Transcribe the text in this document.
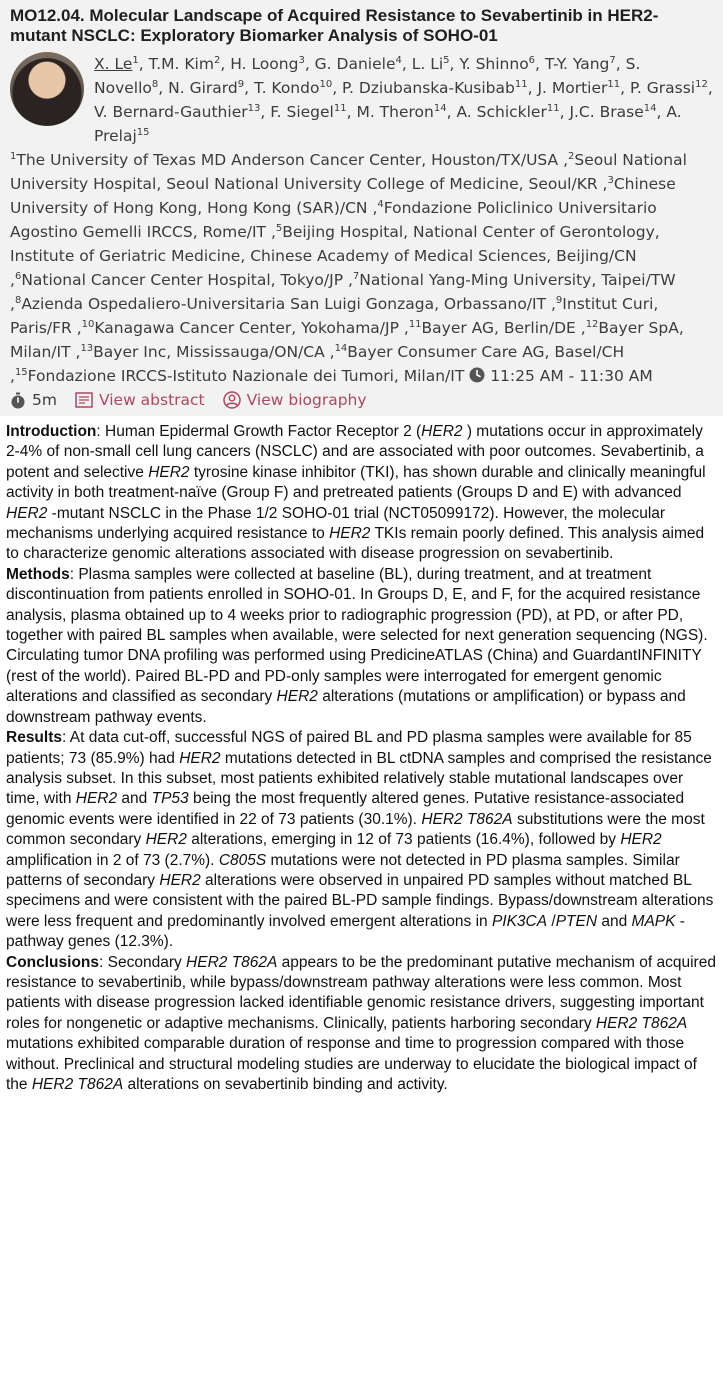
MO12.04. Molecular Landscape of Acquired Resistance to Sevabertinib in HER2-mutant NSCLC: Exploratory Biomarker Analysis of SOHO-01
X. Le$^1$, T.M. Kim$^2$, H. Loong$^3$, G. Daniele$^4$, L. Li$^5$, Y. Shinno$^6$, T-Y. Yang$^7$, S. Novello$^8$, N. Girard$^9$, T. Kondo$^{10}$, P. Dziubanska-Kusibab$^{11}$, J. Mortier$^{11}$, P. Grassi$^{12}$, V. Bernard-Gauthier$^{13}$, F. Siegel$^{11}$, M. Theron$^{14}$, A. Schickler$^{11}$, J.C. Brase$^{14}$, A. Prelaj$^{15}$
$^1$The University of Texas MD Anderson Cancer Center, Houston/TX/USA ,$^2$Seoul National University Hospital, Seoul National University College of Medicine, Seoul/KR ,$^3$Chinese University of Hong Kong, Hong Kong (SAR)/CN ,$^4$Fondazione Policlinico Universitario Agostino Gemelli IRCCS, Rome/IT ,$^5$Beijing Hospital, National Center of Gerontology, Institute of Geriatric Medicine, Chinese Academy of Medical Sciences, Beijing/CN ,$^6$National Cancer Center Hospital, Tokyo/JP ,$^7$National Yang-Ming University, Taipei/TW ,$^8$Azienda Ospedaliero-Universitaria San Luigi Gonzaga, Orbassano/IT ,$^9$Institut Curi, Paris/FR ,$^{10}$Kanagawa Cancer Center, Yokohama/JP ,$^{11}$Bayer AG, Berlin/DE ,$^{12}$Bayer SpA, Milan/IT ,$^{13}$Bayer Inc, Mississauga/ON/CA ,$^{14}$Bayer Consumer Care AG, Basel/CH ,$^{15}$Fondazione IRCCS-Istituto Nazionale dei Tumori, Milan/IT 11:25 AM - 11:30 AM
5m	View abstract	View biography

Introduction: Human Epidermal Growth Factor Receptor 2 (HER2 ) mutations occur in approximately 2-4% of non-small cell lung cancers (NSCLC) and are associated with poor outcomes. Sevabertinib, a potent and selective HER2 tyrosine kinase inhibitor (TKI), has shown durable and clinically meaningful activity in both treatment-naïve (Group F) and pretreated patients (Groups D and E) with advanced HER2 -mutant NSCLC in the Phase 1/2 SOHO-01 trial (NCT05099172). However, the molecular mechanisms underlying acquired resistance to HER2 TKIs remain poorly defined. This analysis aimed to characterize genomic alterations associated with disease progression on sevabertinib.

Methods: Plasma samples were collected at baseline (BL), during treatment, and at treatment discontinuation from patients enrolled in SOHO-01. In Groups D, E, and F, for the acquired resistance analysis, plasma obtained up to 4 weeks prior to radiographic progression (PD), at PD, or after PD, together with paired BL samples when available, were selected for next generation sequencing (NGS). Circulating tumor DNA profiling was performed using PredicineATLAS (China) and GuardantINFINITY (rest of the world). Paired BL-PD and PD-only samples were interrogated for emergent genomic alterations and classified as secondary HER2 alterations (mutations or amplification) or bypass and downstream pathway events.

Results: At data cut-off, successful NGS of paired BL and PD plasma samples were available for 85 patients; 73 (85.9%) had HER2 mutations detected in BL ctDNA samples and comprised the resistance analysis subset. In this subset, most patients exhibited relatively stable mutational landscapes over time, with HER2 and TP53 being the most frequently altered genes. Putative resistance-associated genomic events were identified in 22 of 73 patients (30.1%). HER2 T862A substitutions were the most common secondary HER2 alterations, emerging in 12 of 73 patients (16.4%), followed by HER2 amplification in 2 of 73 (2.7%). C805S mutations were not detected in PD plasma samples. Similar patterns of secondary HER2 alterations were observed in unpaired PD samples without matched BL specimens and were consistent with the paired BL-PD sample findings. Bypass/downstream alterations were less frequent and predominantly involved emergent alterations in PIK3CA /PTEN and MAPK -pathway genes (12.3%).

Conclusions: Secondary HER2 T862A appears to be the predominant putative mechanism of acquired resistance to sevabertinib, while bypass/downstream pathway alterations were less common. Most patients with disease progression lacked identifiable genomic resistance drivers, suggesting important roles for nongenetic or adaptive mechanisms. Clinically, patients harboring secondary HER2 T862A mutations exhibited comparable duration of response and time to progression compared with those without. Preclinical and structural modeling studies are underway to elucidate the biological impact of the HER2 T862A alterations on sevabertinib binding and activity.
